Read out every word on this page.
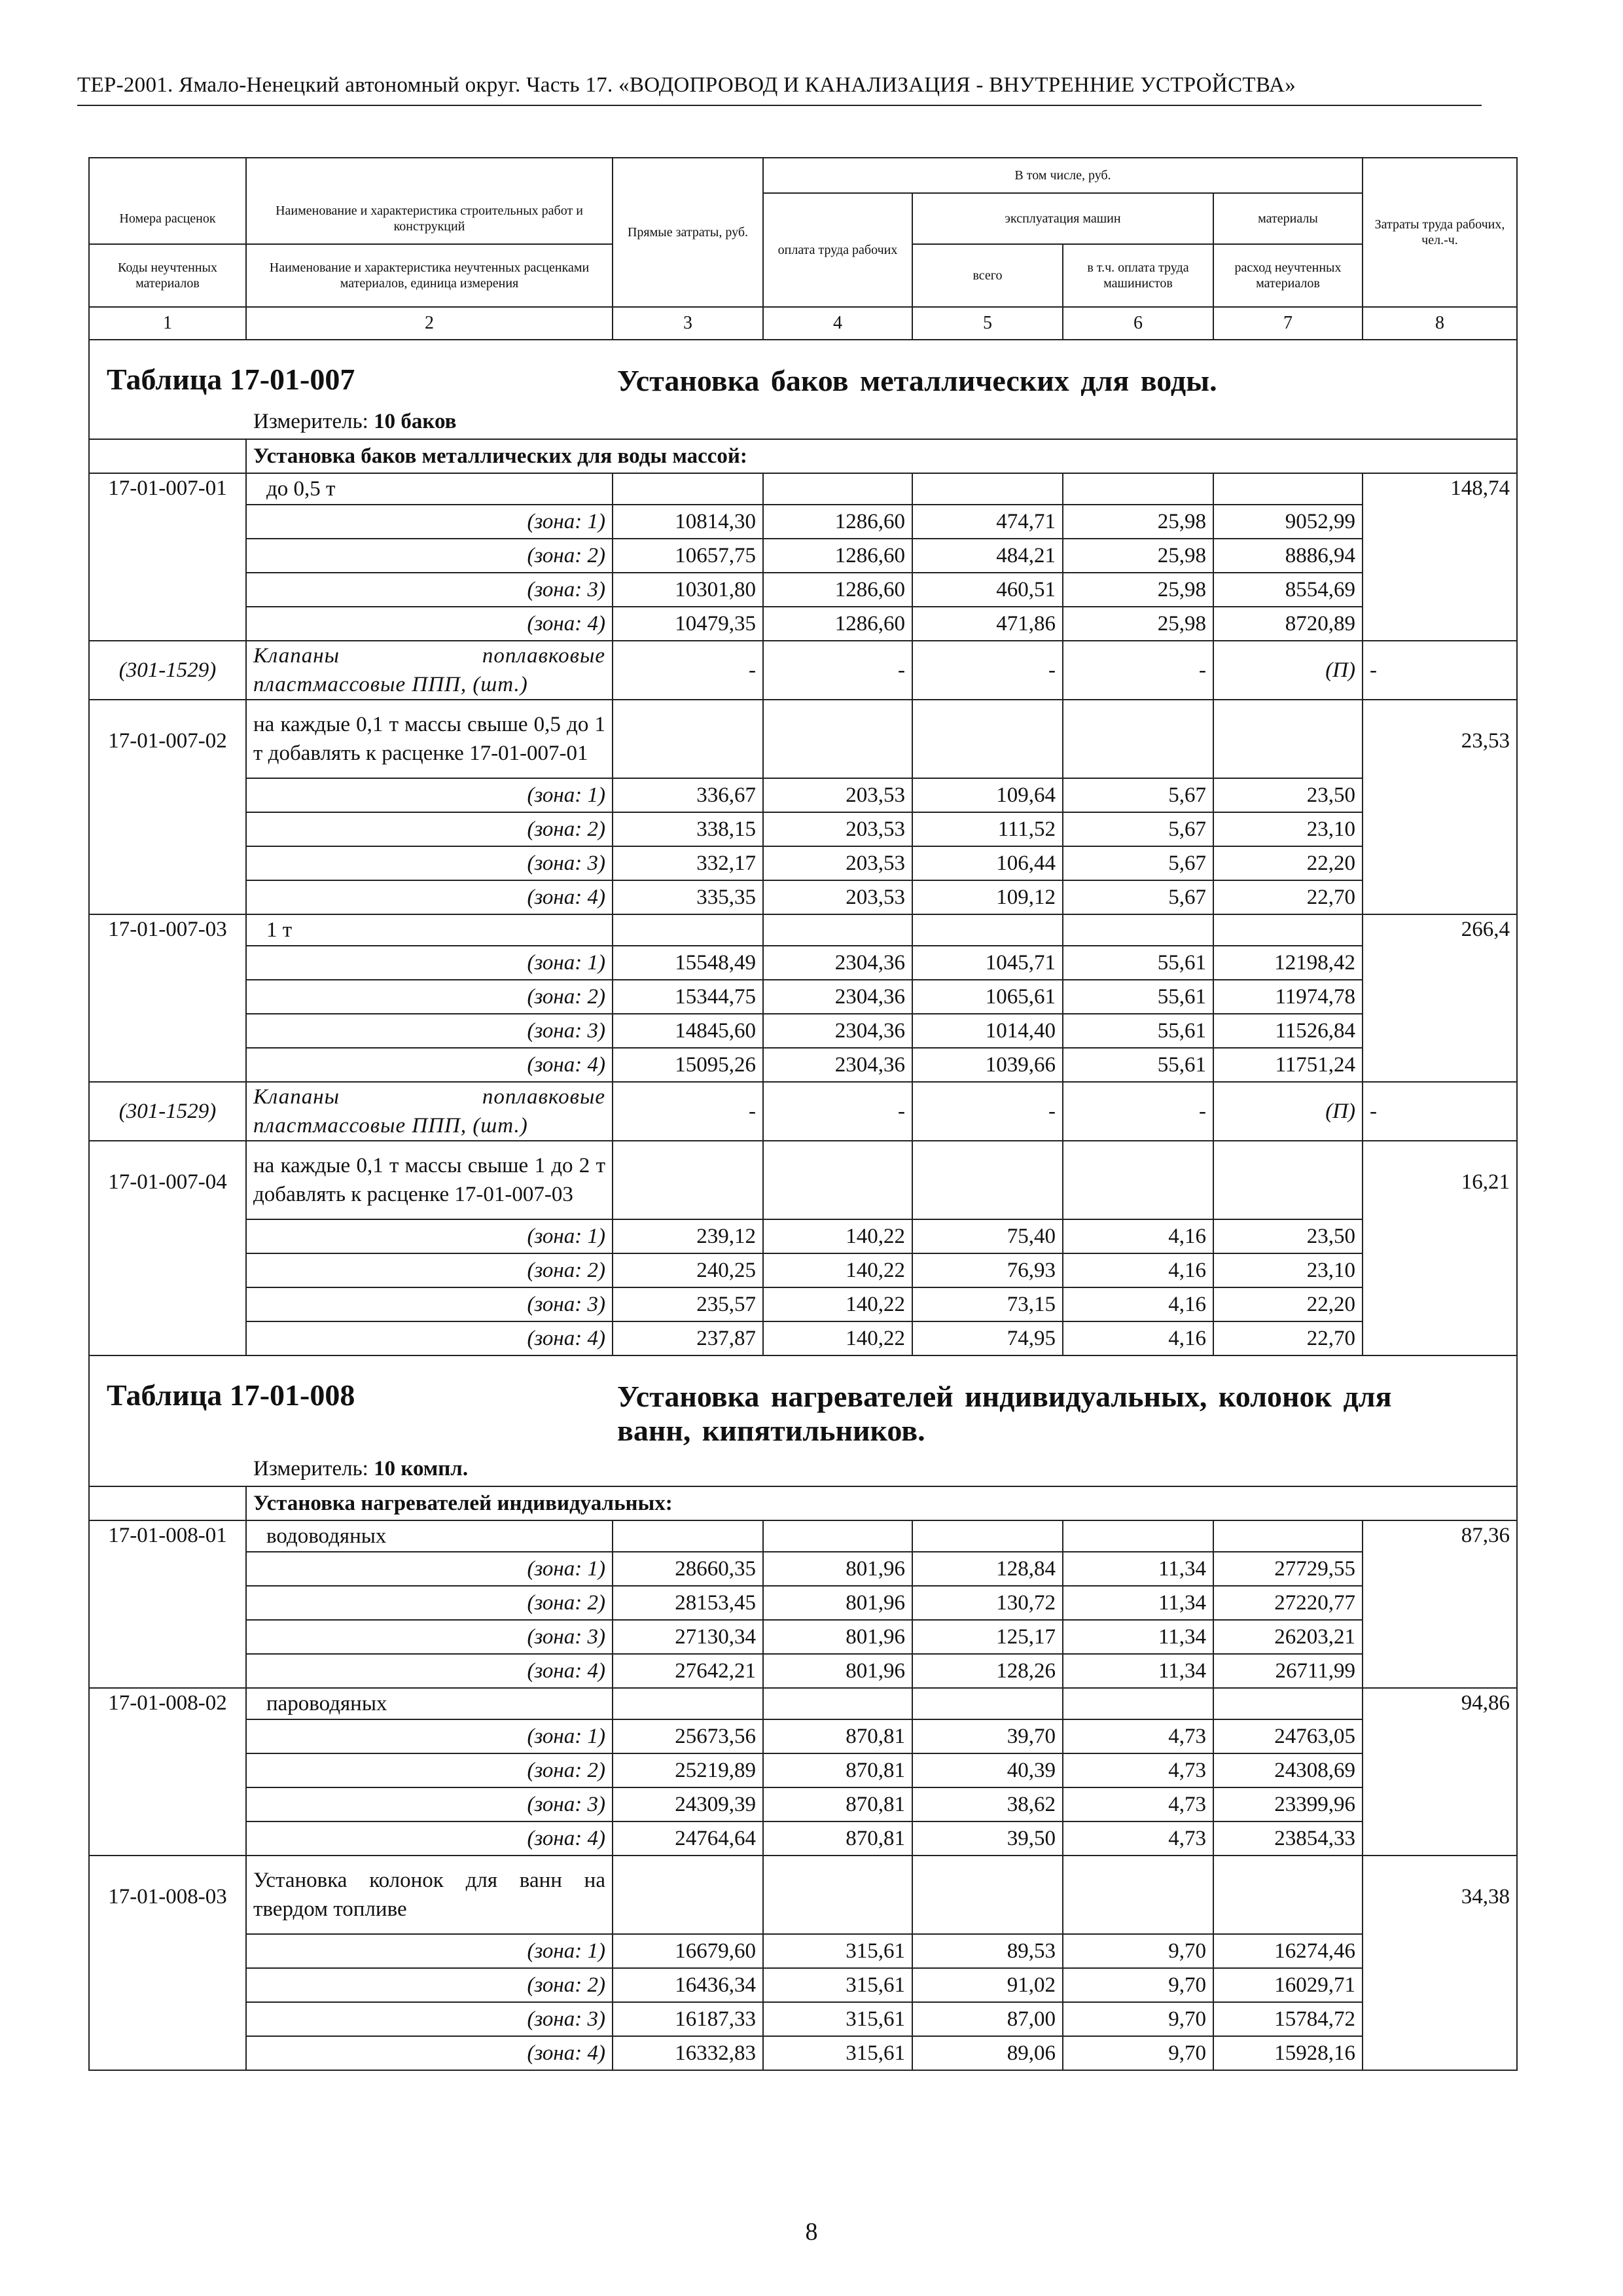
ТЕР-2001. Ямало-Ненецкий автономный округ. Часть 17. «ВОДОПРОВОД И КАНАЛИЗАЦИЯ - ВНУТРЕННИЕ УСТРОЙСТВА»
		Прямые затраты, руб.	В том числе, руб.				Затраты труда рабочих, чел.-ч.
Номера расценок	Наименование и характеристика строительных работ и конструкций		оплата труда рабочих	эксплуатация машин		материалы	
Коды неучтенных материалов	Наименование и характеристика неучтенных расценками материалов, единица измерения			всего	в т.ч. оплата труда машинистов	расход неучтенных материалов	
1	2	3	4	5	6	7	8

Таблица 17-01-007 Установка баков металлических для воды.
Измеритель: 10 баков							

	Установка баков металлических для воды массой:						
17-01-007-01	до 0,5 т						148,74
	(зона: 1)	10814,30	1286,60	474,71	25,98	9052,99	
	(зона: 2)	10657,75	1286,60	484,21	25,98	8886,94	
	(зона: 3)	10301,80	1286,60	460,51	25,98	8554,69	
	(зона: 4)	10479,35	1286,60	471,86	25,98	8720,89	
(301-1529)	Клапаны поплавковые пластмассовые ППП, (шт.)	-	-	-	-	(П)	-
17-01-007-02	на каждые 0,1 т массы свыше 0,5 до 1 т добавлять к расценке 17-01-007-01						23,53
	(зона: 1)	336,67	203,53	109,64	5,67	23,50	
	(зона: 2)	338,15	203,53	111,52	5,67	23,10	
	(зона: 3)	332,17	203,53	106,44	5,67	22,20	
	(зона: 4)	335,35	203,53	109,12	5,67	22,70	
17-01-007-03	1 т						266,4
	(зона: 1)	15548,49	2304,36	1045,71	55,61	12198,42	
	(зона: 2)	15344,75	2304,36	1065,61	55,61	11974,78	
	(зона: 3)	14845,60	2304,36	1014,40	55,61	11526,84	
	(зона: 4)	15095,26	2304,36	1039,66	55,61	11751,24	
(301-1529)	Клапаны поплавковые пластмассовые ППП, (шт.)	-	-	-	-	(П)	-
17-01-007-04	на каждые 0,1 т массы свыше 1 до 2 т добавлять к расценке 17-01-007-03						16,21
	(зона: 1)	239,12	140,22	75,40	4,16	23,50	
	(зона: 2)	240,25	140,22	76,93	4,16	23,10	
	(зона: 3)	235,57	140,22	73,15	4,16	22,20	
	(зона: 4)	237,87	140,22	74,95	4,16	22,70	

Таблица 17-01-008 Установка нагревателей индивидуальных, колонок для ванн, кипятильников.
Измеритель: 10 компл.							

	Установка нагревателей индивидуальных:						
17-01-008-01	водоводяных						87,36
	(зона: 1)	28660,35	801,96	128,84	11,34	27729,55	
	(зона: 2)	28153,45	801,96	130,72	11,34	27220,77	
	(зона: 3)	27130,34	801,96	125,17	11,34	26203,21	
	(зона: 4)	27642,21	801,96	128,26	11,34	26711,99	
17-01-008-02	пароводяных						94,86
	(зона: 1)	25673,56	870,81	39,70	4,73	24763,05	
	(зона: 2)	25219,89	870,81	40,39	4,73	24308,69	
	(зона: 3)	24309,39	870,81	38,62	4,73	23399,96	
	(зона: 4)	24764,64	870,81	39,50	4,73	23854,33	
17-01-008-03	Установка колонок для ванн на твердом топливе						34,38
	(зона: 1)	16679,60	315,61	89,53	9,70	16274,46	
	(зона: 2)	16436,34	315,61	91,02	9,70	16029,71	
	(зона: 3)	16187,33	315,61	87,00	9,70	15784,72	
	(зона: 4)	16332,83	315,61	89,06	9,70	15928,16	
8
